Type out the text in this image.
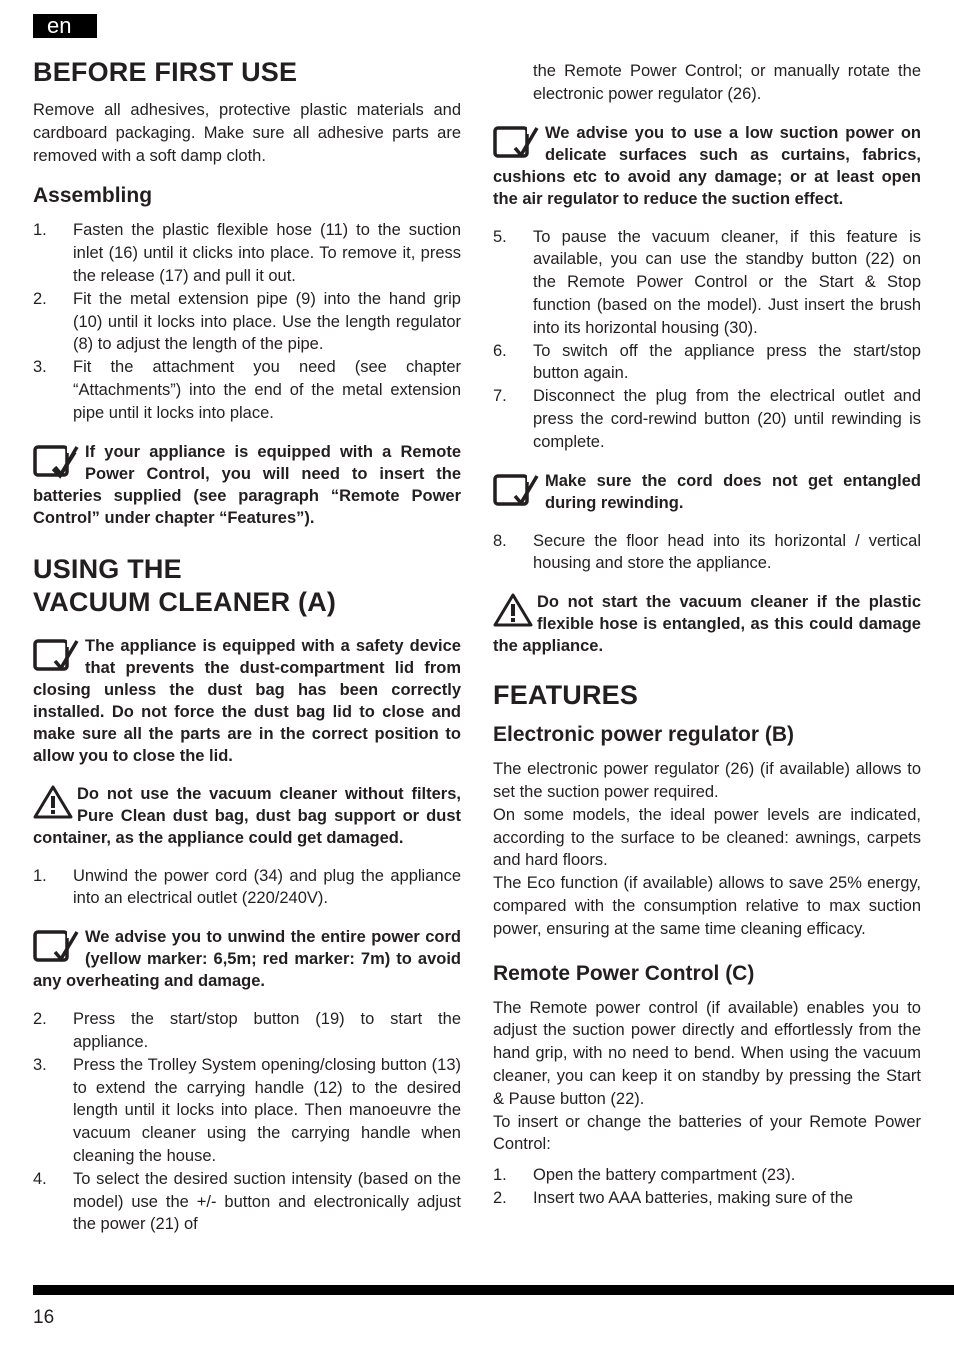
en
BEFORE FIRST USE

Remove all adhesives, protective plastic materials and cardboard packaging. Make sure all adhesive parts are removed with a soft damp cloth.

Assembling
1. Fasten the plastic flexible hose (11) to the suction inlet (16) until it clicks into place. To remove it, press the release (17) and pull it out.
2. Fit the metal extension pipe (9) into the hand grip (10) until it locks into place. Use the length regulator (8) to adjust the length of the pipe.
3. Fit the attachment you need (see chapter “Attachments”) into the end of the metal extension pipe until it locks into place.
If your appliance is equipped with a Remote Power Control, you will need to insert the batteries supplied (see paragraph “Remote Power Control” under chapter “Features”).
USING THE
VACUUM CLEANER (A)
The appliance is equipped with a safety device that prevents the dust-compartment lid from closing unless the dust bag has been correctly installed. Do not force the dust bag lid to close and make sure all the parts are in the correct position to allow you to close the lid.
Do not use the vacuum cleaner without filters, Pure Clean dust bag, dust bag support or dust container, as the appliance could get damaged.
1. Unwind the power cord (34) and plug the appliance into an electrical outlet (220/240V).
We advise you to unwind the entire power cord (yellow marker: 6,5m; red marker: 7m) to avoid any overheating and damage.
2. Press the start/stop button (19) to start the appliance.
3. Press the Trolley System opening/closing button (13) to extend the carrying handle (12) to the desired length until it locks into place. Then manoeuvre the vacuum cleaner using the carrying handle when cleaning the house.
4. To select the desired suction intensity (based on the model) use the +/- button and electronically adjust the power (21) of
the Remote Power Control; or manually rotate the electronic power regulator (26).
We advise you to use a low suction power on delicate surfaces such as curtains, fabrics, cushions etc to avoid any damage; or at least open the air regulator to reduce the suction effect.
5. To pause the vacuum cleaner, if this feature is available, you can use the standby button (22) on the Remote Power Control or the Start & Stop function (based on the model). Just insert the brush into its horizontal housing (30).
6. To switch off the appliance press the start/stop button again.
7. Disconnect the plug from the electrical outlet and press the cord-rewind button (20) until rewinding is complete.
Make sure the cord does not get entangled during rewinding.
8. Secure the floor head into its horizontal / vertical housing and store the appliance.
Do not start the vacuum cleaner if the plastic flexible hose is entangled, as this could damage the appliance.
FEATURES
Electronic power regulator (B)

The electronic power regulator (26) (if available) allows to set the suction power required.

On some models, the ideal power levels are indicated, according to the surface to be cleaned: awnings, carpets and hard floors.

The Eco function (if available) allows to save 25% energy, compared with the consumption relative to max suction power, ensuring at the same time cleaning efficacy.

Remote Power Control (C)

The Remote power control (if available) enables you to adjust the suction power directly and effortlessly from the hand grip, with no need to bend. When using the vacuum cleaner, you can keep it on standby by pressing the Start & Pause button (22).

To insert or change the batteries of your Remote Power Control:

1. Open the battery compartment (23).
2. Insert two AAA batteries, making sure of the
16
